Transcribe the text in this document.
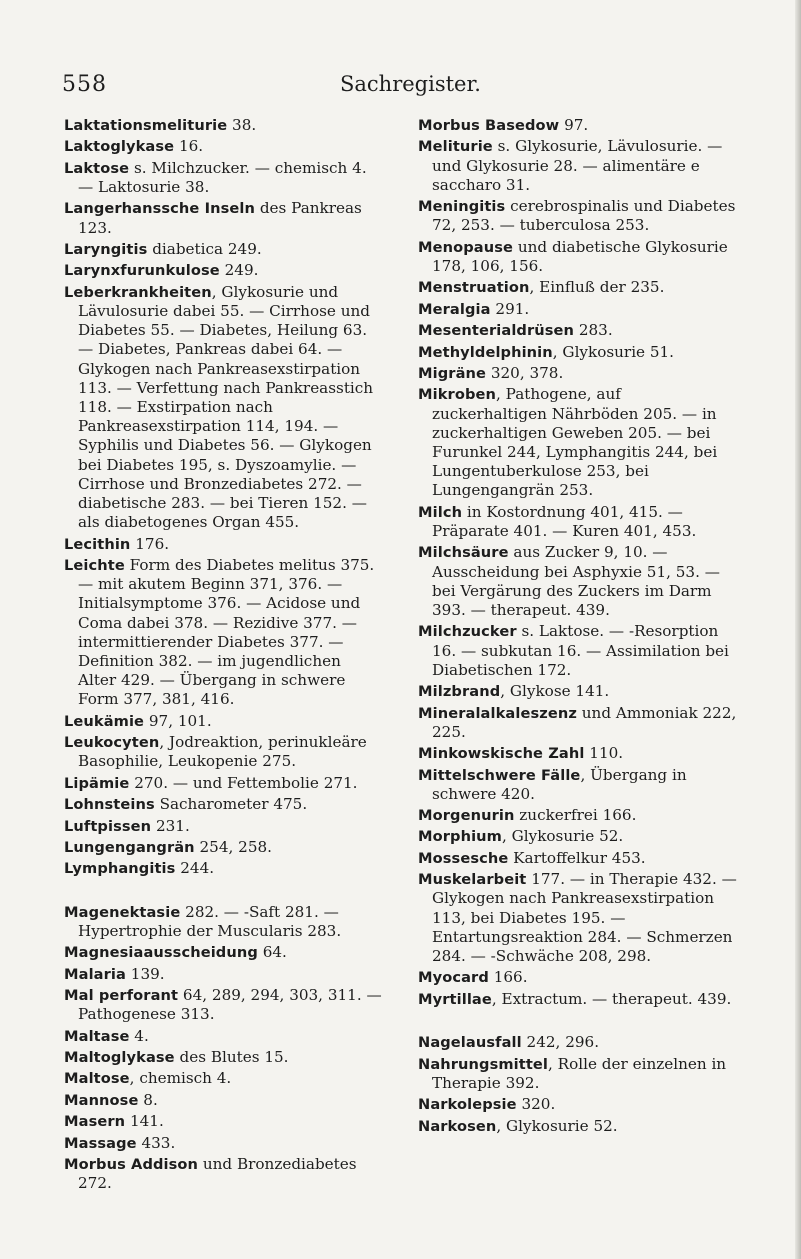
558	Sachregister.
Laktationsmeliturie 38.
Laktoglykase 16.
Laktose s. Milchzucker. — chemisch 4. — Laktosurie 38.
Langerhanssche Inseln des Pankreas 123.
Laryngitis diabetica 249.
Larynxfurunkulose 249.
Leberkrankheiten, Glykosurie und Lävulosurie dabei 55. — Cirrhose und Diabetes 55. — Diabetes, Heilung 63. — Diabetes, Pankreas dabei 64. — Glykogen nach Pankreasexstirpation 113. — Verfettung nach Pankreasstich 118. — Exstirpation nach Pankreasexstirpation 114, 194. — Syphilis und Diabetes 56. — Glykogen bei Diabetes 195, s. Dyszoamylie. — Cirrhose und Bronzediabetes 272. — diabetische 283. — bei Tieren 152. — als diabetogenes Organ 455.
Lecithin 176.
Leichte Form des Diabetes melitus 375. — mit akutem Beginn 371, 376. — Initialsymptome 376. — Acidose und Coma dabei 378. — Rezidive 377. — intermittierender Diabetes 377. — Definition 382. — im jugendlichen Alter 429. — Übergang in schwere Form 377, 381, 416.
Leukämie 97, 101.
Leukocyten, Jodreaktion, perinukleäre Basophilie, Leukopenie 275.
Lipämie 270. — und Fettembolie 271.
Lohnsteins Sacharometer 475.
Luftpissen 231.
Lungengangrän 254, 258.
Lymphangitis 244.
Magenektasie 282. — -Saft 281. — Hypertrophie der Muscularis 283.
Magnesiaausscheidung 64.
Malaria 139.
Mal perforant 64, 289, 294, 303, 311. — Pathogenese 313.
Maltase 4.
Maltoglykase des Blutes 15.
Maltose, chemisch 4.
Mannose 8.
Masern 141.
Massage 433.
Morbus Addison und Bronzediabetes 272.
Morbus Basedow 97.
Meliturie s. Glykosurie, Lävulosurie. — und Glykosurie 28. — alimentäre e saccharo 31.
Meningitis cerebrospinalis und Diabetes 72, 253. — tuberculosa 253.
Menopause und diabetische Glykosurie 178, 106, 156.
Menstruation, Einfluß der 235.
Meralgia 291.
Mesenterialdrüsen 283.
Methyldelphinin, Glykosurie 51.
Migräne 320, 378.
Mikroben, Pathogene, auf zuckerhaltigen Nährböden 205. — in zuckerhaltigen Geweben 205. — bei Furunkel 244, Lymphangitis 244, bei Lungentuberkulose 253, bei Lungengangrän 253.
Milch in Kostordnung 401, 415. — Präparate 401. — Kuren 401, 453.
Milchsäure aus Zucker 9, 10. — Ausscheidung bei Asphyxie 51, 53. — bei Vergärung des Zuckers im Darm 393. — therapeut. 439.
Milchzucker s. Laktose. — -Resorption 16. — subkutan 16. — Assimilation bei Diabetischen 172.
Milzbrand, Glykose 141.
Mineralalkaleszenz und Ammoniak 222, 225.
Minkowskische Zahl 110.
Mittelschwere Fälle, Übergang in schwere 420.
Morgenurin zuckerfrei 166.
Morphium, Glykosurie 52.
Mossesche Kartoffelkur 453.
Muskelarbeit 177. — in Therapie 432. — Glykogen nach Pankreasexstirpation 113, bei Diabetes 195. — Entartungsreaktion 284. — Schmerzen 284. — -Schwäche 208, 298.
Myocard 166.
Myrtillae, Extractum. — therapeut. 439.
Nagelausfall 242, 296.
Nahrungsmittel, Rolle der einzelnen in Therapie 392.
Narkolepsie 320.
Narkosen, Glykosurie 52.
